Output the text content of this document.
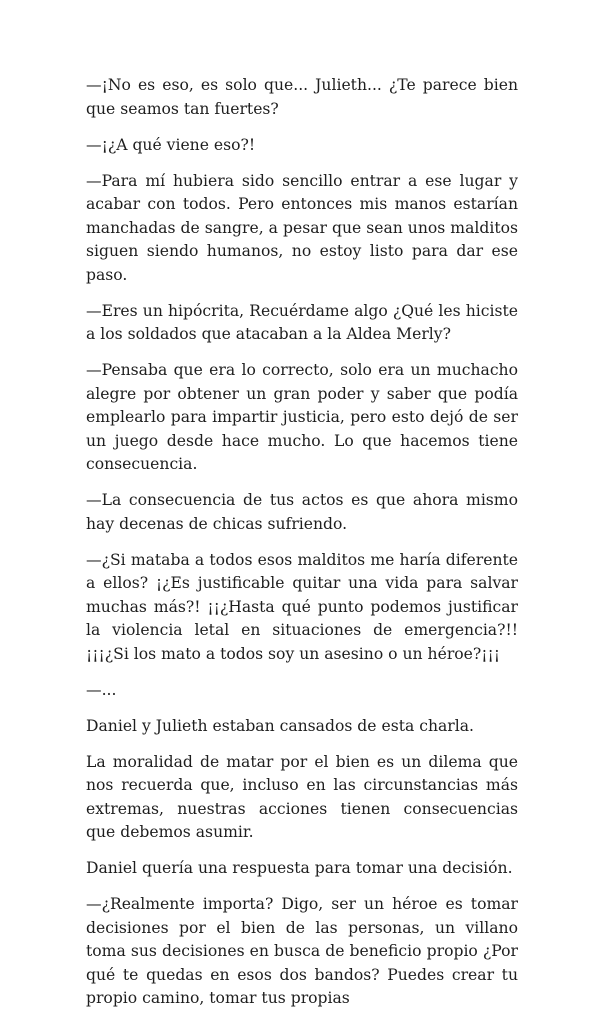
—¡No es eso, es solo que... Julieth... ¿Te parece bien que seamos tan fuertes?

—¡¿A qué viene eso?!

—Para mí hubiera sido sencillo entrar a ese lugar y acabar con todos. Pero entonces mis manos estarían manchadas de sangre, a pesar que sean unos malditos siguen siendo humanos, no estoy listo para dar ese paso.

—Eres un hipócrita, Recuérdame algo ¿Qué les hiciste a los soldados que atacaban a la Aldea Merly?

—Pensaba que era lo correcto, solo era un muchacho alegre por obtener un gran poder y saber que podía emplearlo para impartir justicia, pero esto dejó de ser un juego desde hace mucho. Lo que hacemos tiene consecuencia.

—La consecuencia de tus actos es que ahora mismo hay decenas de chicas sufriendo.

—¿Si mataba a todos esos malditos me haría diferente a ellos? ¡¿Es justificable quitar una vida para salvar muchas más?! ¡¡¿Hasta qué punto podemos justificar la violencia letal en situaciones de emergencia?!! ¡¡¡¿Si los mato a todos soy un asesino o un héroe?¡¡¡

—...

Daniel y Julieth estaban cansados de esta charla.

La moralidad de matar por el bien es un dilema que nos recuerda que, incluso en las circunstancias más extremas, nuestras acciones tienen consecuencias que debemos asumir.

Daniel quería una respuesta para tomar una decisión.

—¿Realmente importa? Digo, ser un héroe es tomar decisiones por el bien de las personas, un villano toma sus decisiones en busca de beneficio propio ¿Por qué te quedas en esos dos bandos? Puedes crear tu propio camino, tomar tus propias
